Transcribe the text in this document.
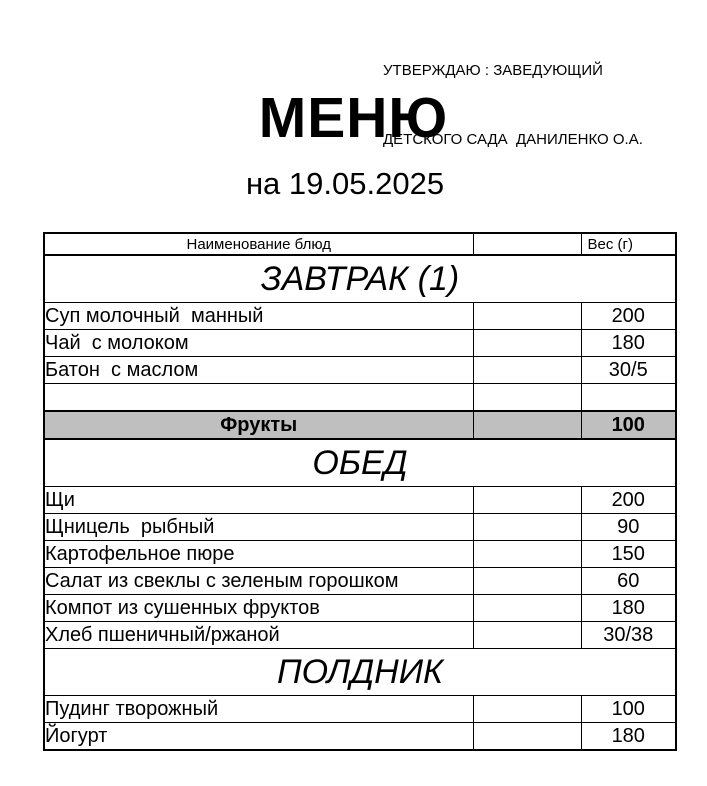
УТВЕРЖДАЮ : ЗАВЕДУЮЩИЙ

ДЕТСКОГО САДА  ДАНИЛЕНКО О.А.

МЕНЮ
на 19.05.2025
Наименование блюд		Вес (г)
ЗАВТРАК (1)		
Суп молочный  манный		200
Чай  с молоком		180
Батон  с маслом		30/5

Фрукты		100
ОБЕД		
Щи		200
Щницель  рыбный		90
Картофельное пюре		150
Салат из свеклы с зеленым горошком		60
Компот из сушенных фруктов		180
Хлеб пшеничный/ржаной		30/38
ПОЛДНИК		
Пудинг творожный		100
Йогурт		180
